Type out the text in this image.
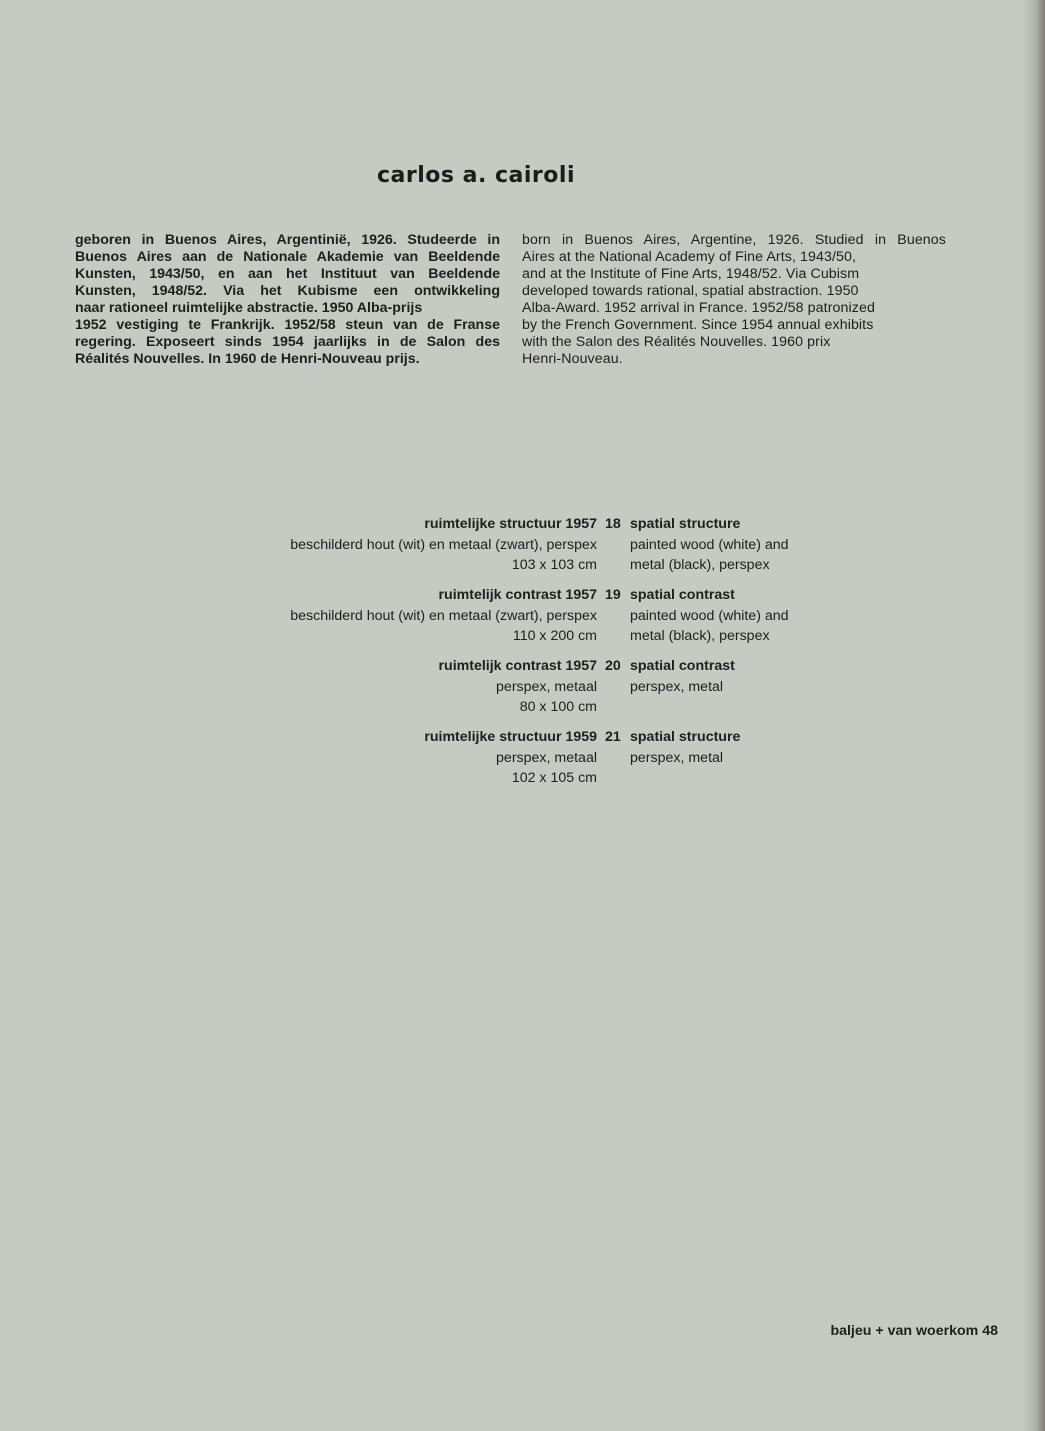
carlos a. cairoli
geboren in Buenos Aires, Argentinië, 1926. Studeerde in
Buenos Aires aan de Nationale Akademie van Beeldende
Kunsten, 1943/50, en aan het Instituut van Beeldende
Kunsten, 1948/52. Via het Kubisme een ontwikkeling
naar rationeel ruimtelijke abstractie. 1950 Alba-prijs
1952 vestiging te Frankrijk. 1952/58 steun van de Franse
regering. Exposeert sinds 1954 jaarlijks in de Salon des
Réalités Nouvelles. In 1960 de Henri-Nouveau prijs.
born in Buenos Aires, Argentine, 1926. Studied in Buenos
Aires at the National Academy of Fine Arts, 1943/50,
and at the Institute of Fine Arts, 1948/52. Via Cubism
developed towards rational, spatial abstraction. 1950
Alba-Award. 1952 arrival in France. 1952/58 patronized
by the French Government. Since 1954 annual exhibits
with the Salon des Réalités Nouvelles. 1960 prix
Henri-Nouveau.
ruimtelijke structuur 1957
beschilderd hout (wit) en metaal (zwart), perspex
103 x 103 cm
18 spatial structure
painted wood (white) and
metal (black), perspex
ruimtelijk contrast 1957
beschilderd hout (wit) en metaal (zwart), perspex
110 x 200 cm
19 spatial contrast
painted wood (white) and
metal (black), perspex
ruimtelijk contrast 1957
perspex, metaal
80 x 100 cm
20 spatial contrast
perspex, metal
ruimtelijke structuur 1959
perspex, metaal
102 x 105 cm
21 spatial structure
perspex, metal
baljeu + van woerkom 48
